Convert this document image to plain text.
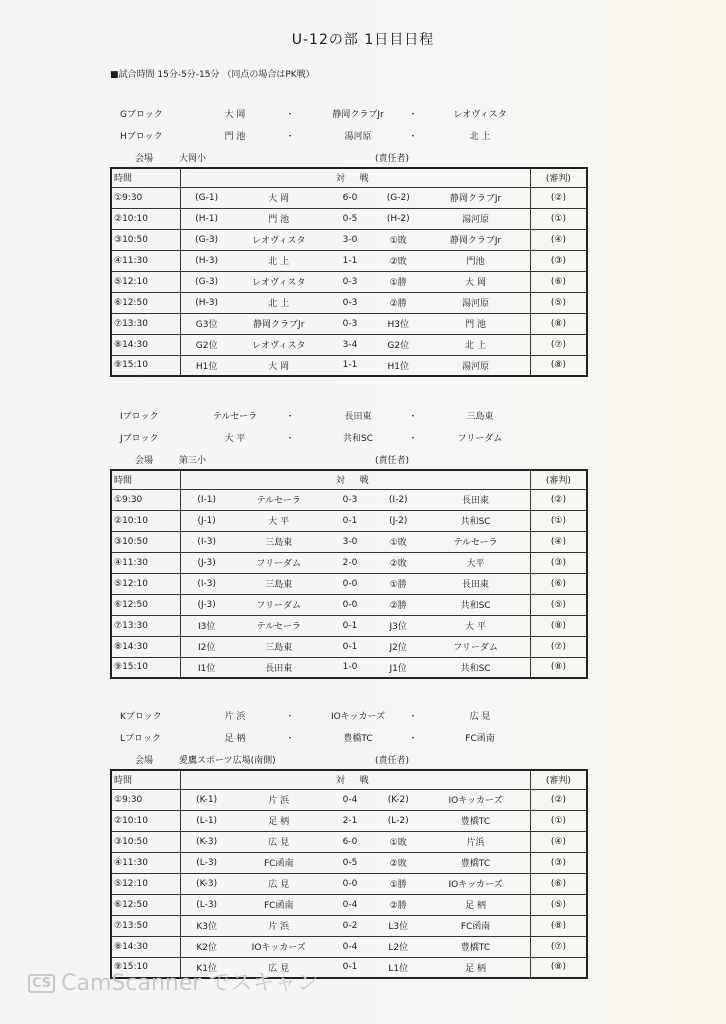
U-12の部 1日目日程
■試合時間 15分-5分-15分 （同点の場合はPK戦）
Gブロック	大 岡	・	静岡クラブJr	・	レオヴィスタ
Hブロック	門 池	・	湯河原	・	北 上
会場	大岡小	(責任者)
時間	対 戦					(審判)
①9:30	(G-1)	大 岡	6-0	(G-2)	静岡クラブJr	(②)
②10:10	(H-1)	門 池	0-5	(H-2)	湯河原	(①)
③10:50	(G-3)	レオヴィスタ	3-0	①敗	静岡クラブJr	(④)
④11:30	(H-3)	北 上	1-1	②敗	門池	(③)
⑤12:10	(G-3)	レオヴィスタ	0-3	①勝	大 岡	(⑥)
⑥12:50	(H-3)	北 上	0-3	②勝	湯河原	(⑤)
⑦13:30	G3位	静岡クラブJr	0-3	H3位	門 池	(⑧)
⑧14:30	G2位	レオヴィスタ	3-4	G2位	北 上	(⑦)
⑨15:10	H1位	大 岡	1-1	H1位	湯河原	(⑧)
Iブロック	テルセーラ	・	長田東	・	三島東
Jブロック	大 平	・	共和SC	・	フリーダム
会場	第三小	(責任者)
時間	対 戦					(審判)
①9:30	(I-1)	テルセーラ	0-3	(I-2)	長田東	(②)
②10:10	(J-1)	大 平	0-1	(J-2)	共和SC	(①)
③10:50	(I-3)	三島東	3-0	①敗	テルセーラ	(④)
④11:30	(J-3)	フリーダム	2-0	②敗	大平	(③)
⑤12:10	(I-3)	三島東	0-0	①勝	長田東	(⑥)
⑥12:50	(J-3)	フリーダム	0-0	②勝	共和SC	(⑤)
⑦13:30	I3位	テルセーラ	0-1	J3位	大 平	(⑧)
⑧14:30	I2位	三島東	0-1	J2位	フリーダム	(⑦)
⑨15:10	I1位	長田東	1-0	J1位	共和SC	(⑧)
Kブロック	片 浜	・	IOキッカーズ	・	広 見
Lブロック	足 柄	・	豊橋TC	・	FC函南
会場	愛鷹スポーツ広場(南側)	(責任者)
時間	対 戦					(審判)
①9:30	(K-1)	片 浜	0-4	(K-2)	IOキッカーズ	(②)
②10:10	(L-1)	足 柄	2-1	(L-2)	豊橋TC	(①)
③10:50	(K-3)	広 見	6-0	①敗	片浜	(④)
④11:30	(L-3)	FC函南	0-5	②敗	豊橋TC	(③)
⑤12:10	(K-3)	広 見	0-0	①勝	IOキッカーズ	(⑥)
⑥12:50	(L-3)	FC函南	0-4	②勝	足 柄	(⑤)
⑦13:50	K3位	片 浜	0-2	L3位	FC函南	(⑧)
⑧14:30	K2位	IOキッカーズ	0-4	L2位	豊橋TC	(⑦)
⑨15:10	K1位	広 見	0-1	L1位	足 柄	(⑧)
CS CamScanner でスキャン
